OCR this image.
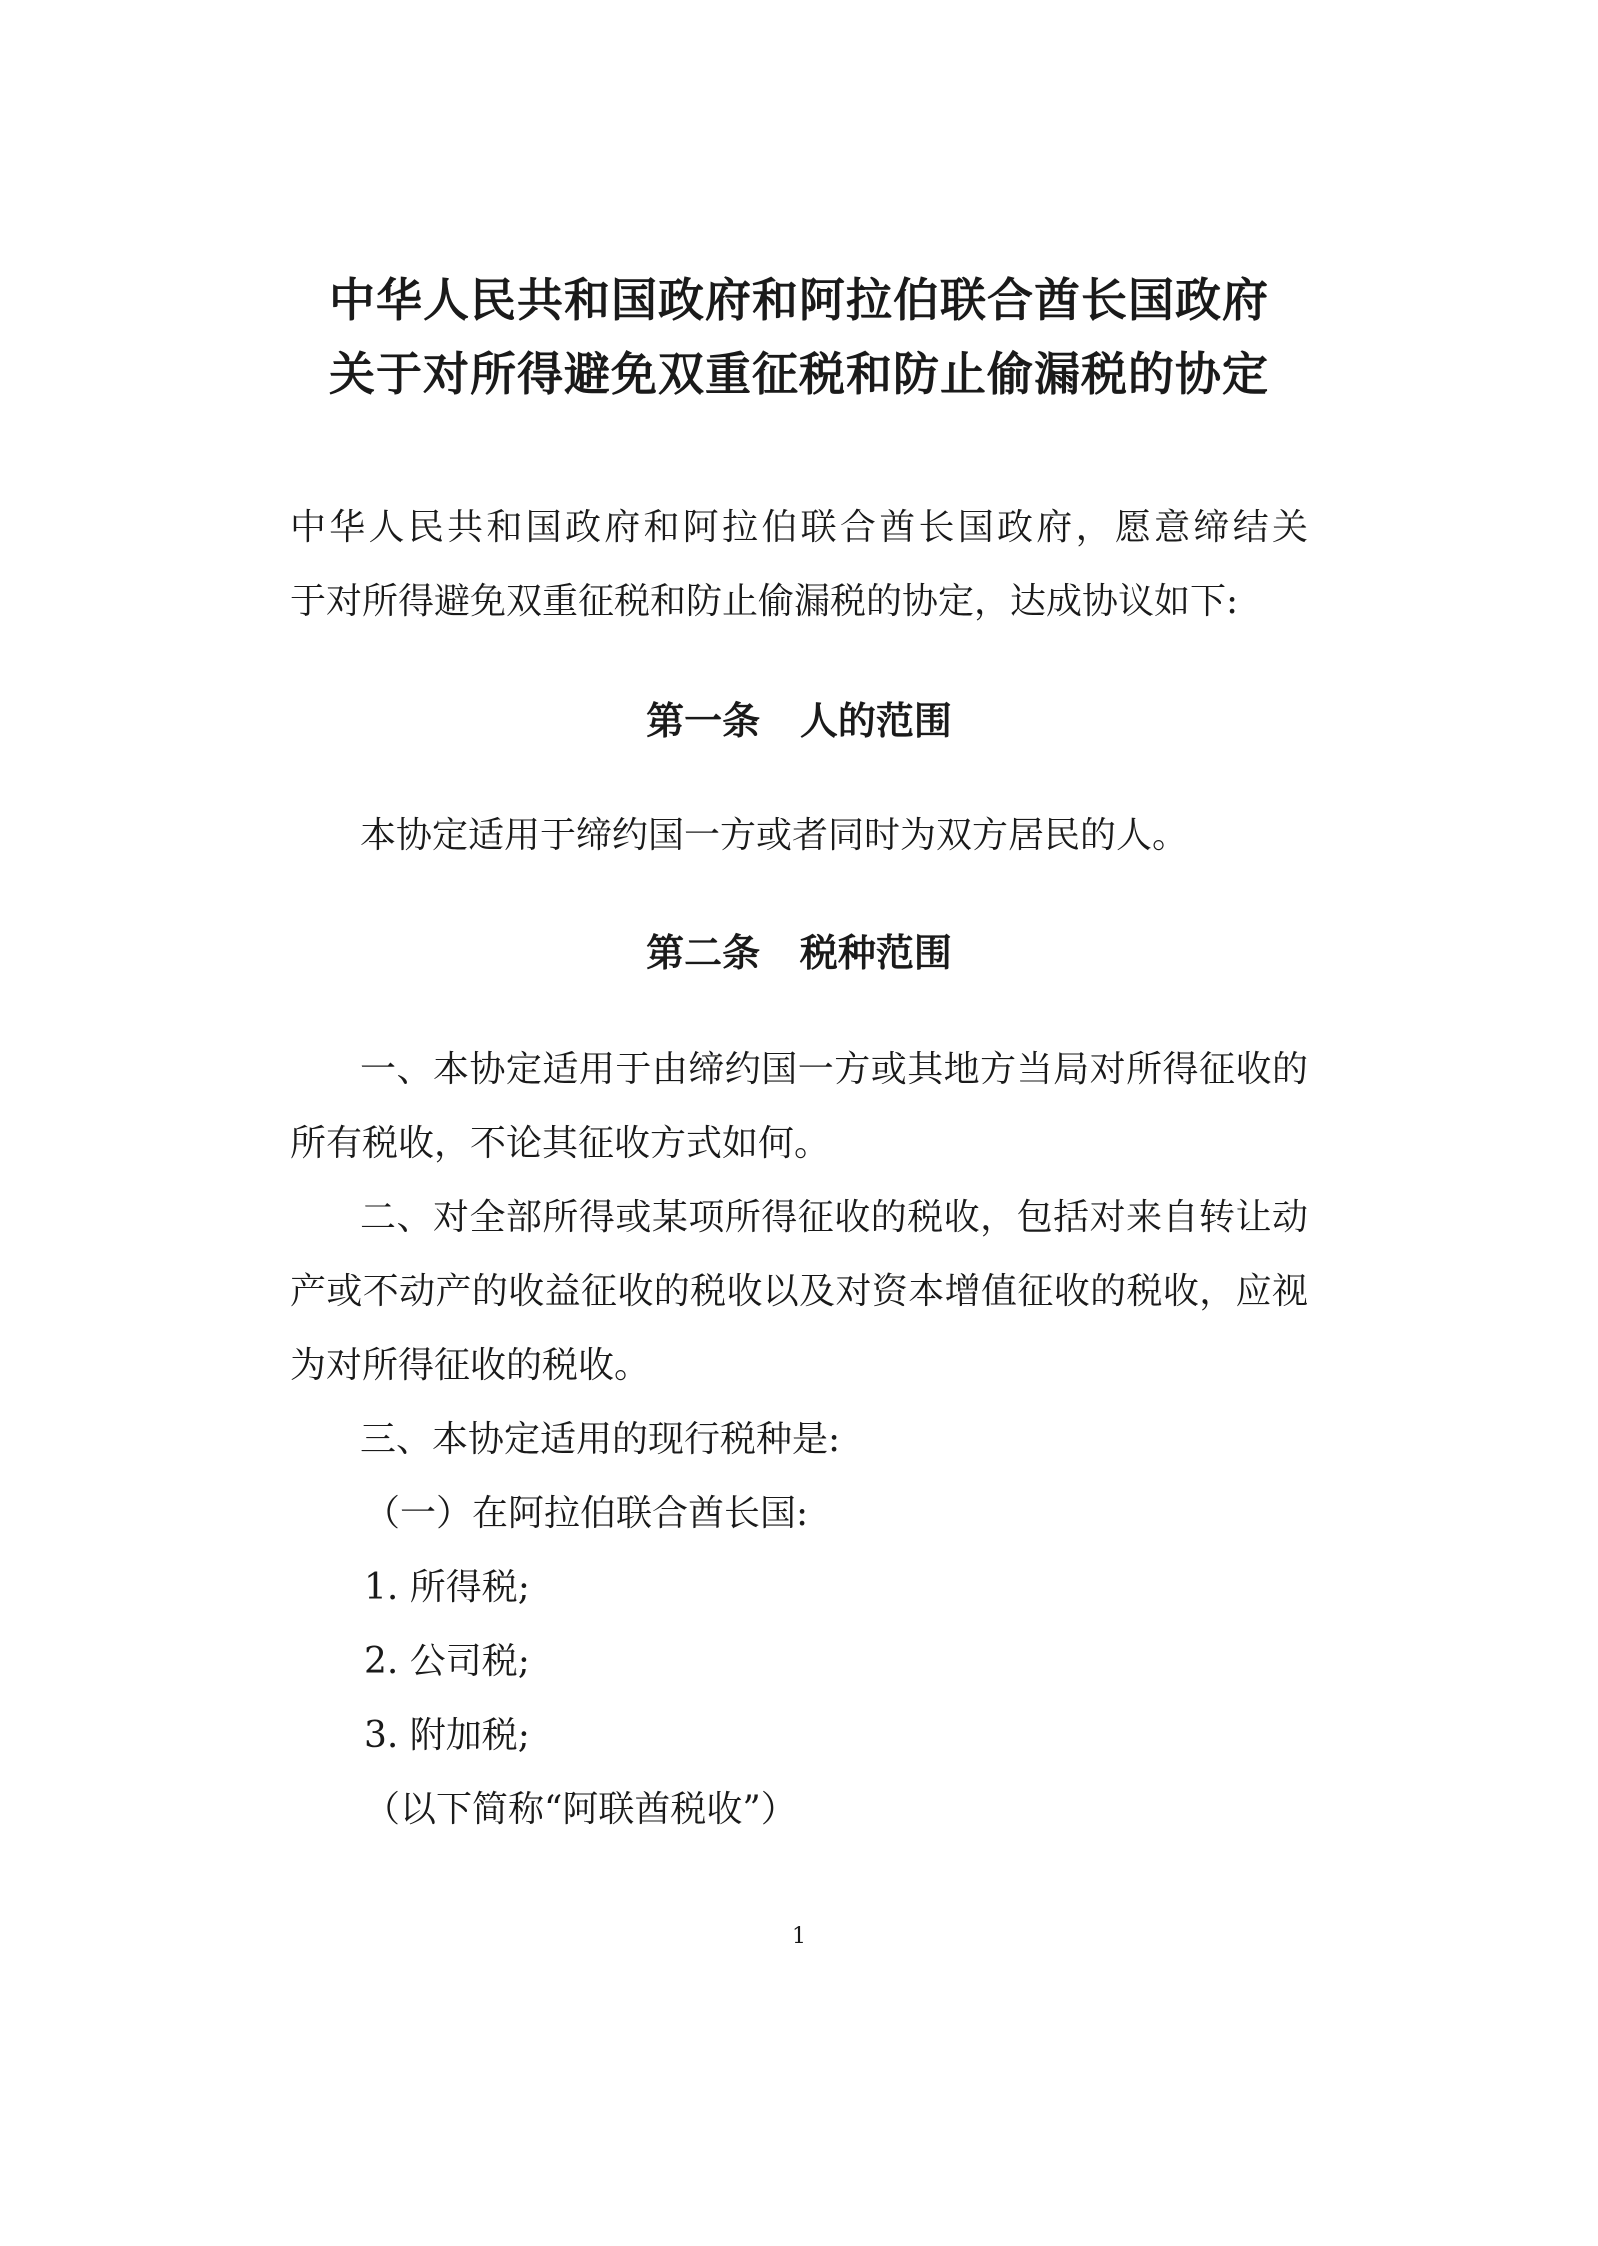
中华人民共和国政府和阿拉伯联合酋长国政府
关于对所得避免双重征税和防止偷漏税的协定
中华人民共和国政府和阿拉伯联合酋长国政府，愿意缔结关
于对所得避免双重征税和防止偷漏税的协定，达成协议如下:
第一条   人的范围
本协定适用于缔约国一方或者同时为双方居民的人。
第二条   税种范围
一、本协定适用于由缔约国一方或其地方当局对所得征收的
所有税收，不论其征收方式如何。
二、对全部所得或某项所得征收的税收，包括对来自转让动
产或不动产的收益征收的税收以及对资本增值征收的税收，应视
为对所得征收的税收。
三、本协定适用的现行税种是:
（一）在阿拉伯联合酋长国:
1. 所得税;
2. 公司税;
3. 附加税;
（以下简称“阿联酋税收”）
1
